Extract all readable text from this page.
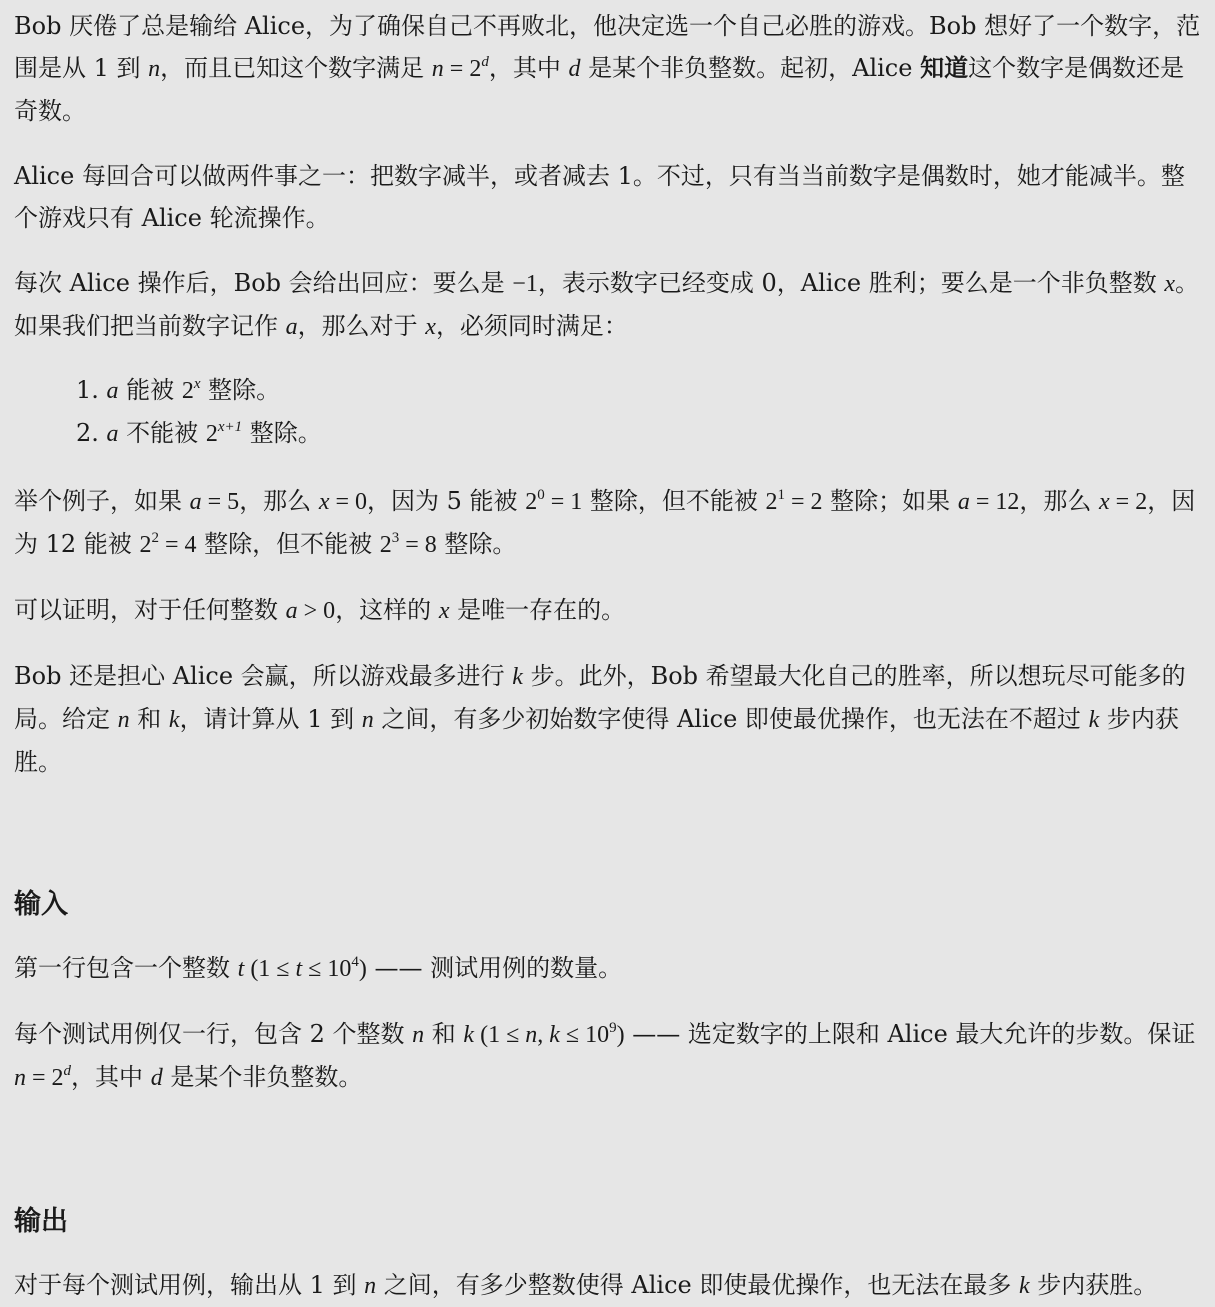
Bob 厌倦了总是输给 Alice，为了确保自己不再败北，他决定选一个自己必胜的游戏。Bob 想好了一个数字，范围是从 1 到 n，而且已知这个数字满足 $n = 2^d$，其中 d 是某个非负整数。起初，Alice 知道这个数字是偶数还是奇数。

Alice 每回合可以做两件事之一：把数字减半，或者减去 1。不过，只有当当前数字是偶数时，她才能减半。整个游戏只有 Alice 轮流操作。

每次 Alice 操作后，Bob 会给出回应：要么是 −1，表示数字已经变成 0，Alice 胜利；要么是一个非负整数 x。如果我们把当前数字记作 a，那么对于 x，必须同时满足：

1. a 能被 2$^x$ 整除。
2. a 不能被 $2^{x+1}$ 整除。

举个例子，如果 a = 5，那么 x = 0，因为 5 能被 $2^0 = 1$ 整除，但不能被 $2^1 = 2$ 整除；如果 a = 12，那么 x = 2，因为 12 能被 $2^2 = 4$ 整除，但不能被 $2^3 = 8$ 整除。

可以证明，对于任何整数 a > 0，这样的 x 是唯一存在的。

Bob 还是担心 Alice 会赢，所以游戏最多进行 k 步。此外，Bob 希望最大化自己的胜率，所以想玩尽可能多的局。给定 n 和 k，请计算从 1 到 n 之间，有多少初始数字使得 Alice 即使最优操作，也无法在不超过 k 步内获胜。

输入

第一行包含一个整数 t $(1 \le t \le 10^4)$ —— 测试用例的数量。

每个测试用例仅一行，包含 2 个整数 n 和 k (1 ≤ n, $k \le 10^9$) —— 选定数字的上限和 Alice 最大允许的步数。保证 $n = 2^d$，其中 d 是某个非负整数。

输出

对于每个测试用例，输出从 1 到 n 之间，有多少整数使得 Alice 即使最优操作，也无法在最多 k 步内获胜。
